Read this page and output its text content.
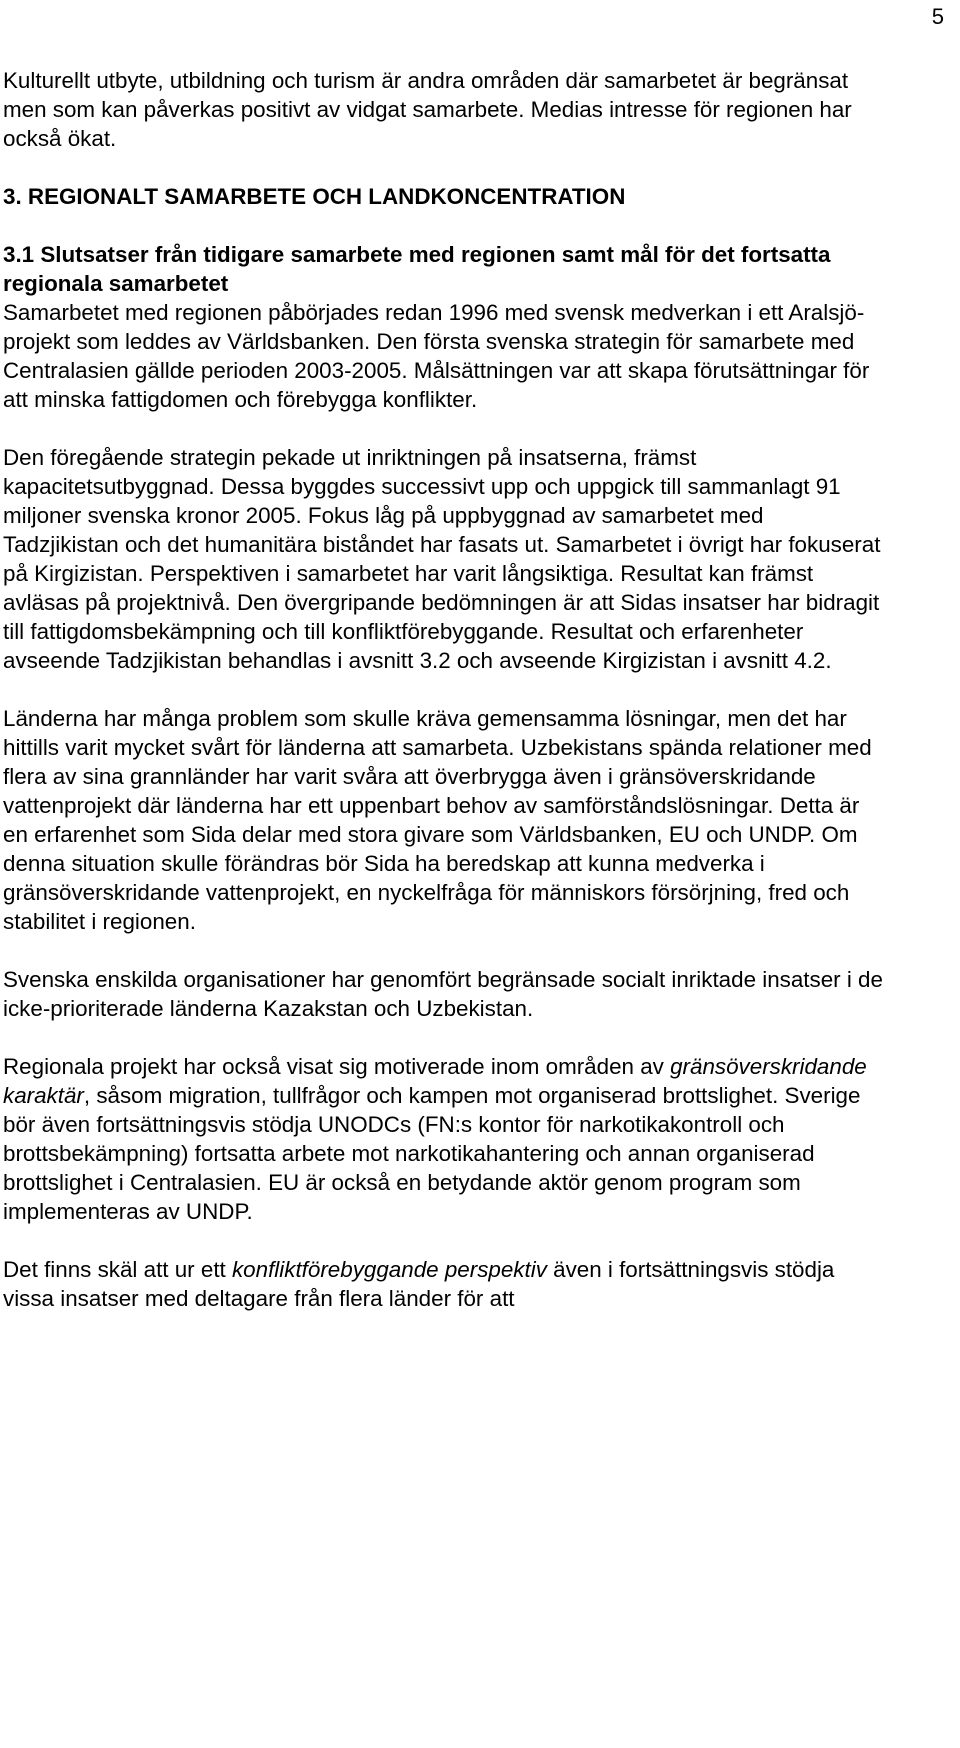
5

Kulturellt utbyte, utbildning och turism är andra områden där samarbetet är begränsat men som kan påverkas positivt av vidgat samarbete. Medias intresse för regionen har också ökat.

3. REGIONALT SAMARBETE OCH LANDKONCENTRATION
3.1 Slutsatser från tidigare samarbete med regionen samt mål för det fortsatta regionala samarbetet

Samarbetet med regionen påbörjades redan 1996 med svensk medverkan i ett Aralsjö-projekt som leddes av Världsbanken. Den första svenska strategin för samarbete med Centralasien gällde perioden 2003-2005. Målsättningen var att skapa förutsättningar för att minska fattigdomen och förebygga konflikter.

Den föregående strategin pekade ut inriktningen på insatserna, främst kapacitetsutbyggnad. Dessa byggdes successivt upp och uppgick till sammanlagt 91 miljoner svenska kronor 2005. Fokus låg på uppbyggnad av samarbetet med Tadzjikistan och det humanitära biståndet har fasats ut. Samarbetet i övrigt har fokuserat på Kirgizistan. Perspektiven i samarbetet har varit långsiktiga. Resultat kan främst avläsas på projektnivå. Den övergripande bedömningen är att Sidas insatser har bidragit till fattigdomsbekämpning och till konfliktförebyggande. Resultat och erfarenheter avseende Tadzjikistan behandlas i avsnitt 3.2 och avseende Kirgizistan i avsnitt 4.2.

Länderna har många problem som skulle kräva gemensamma lösningar, men det har hittills varit mycket svårt för länderna att samarbeta. Uzbekistans spända relationer med flera av sina grannländer har varit svåra att överbrygga även i gränsöverskridande vattenprojekt där länderna har ett uppenbart behov av samförståndslösningar. Detta är en erfarenhet som Sida delar med stora givare som Världsbanken, EU och UNDP. Om denna situation skulle förändras bör Sida ha beredskap att kunna medverka i gränsöverskridande vattenprojekt, en nyckelfråga för människors försörjning, fred och stabilitet i regionen.

Svenska enskilda organisationer har genomfört begränsade socialt inriktade insatser i de icke-prioriterade länderna Kazakstan och Uzbekistan.

Regionala projekt har också visat sig motiverade inom områden av gränsöverskridande karaktär, såsom migration, tullfrågor och kampen mot organiserad brottslighet. Sverige bör även fortsättningsvis stödja UNODCs (FN:s kontor för narkotikakontroll och brottsbekämpning) fortsatta arbete mot narkotikahantering och annan organiserad brottslighet i Centralasien. EU är också en betydande aktör genom program som implementeras av UNDP.

Det finns skäl att ur ett konfliktförebyggande perspektiv även i fortsättningsvis stödja vissa insatser med deltagare från flera länder för att
